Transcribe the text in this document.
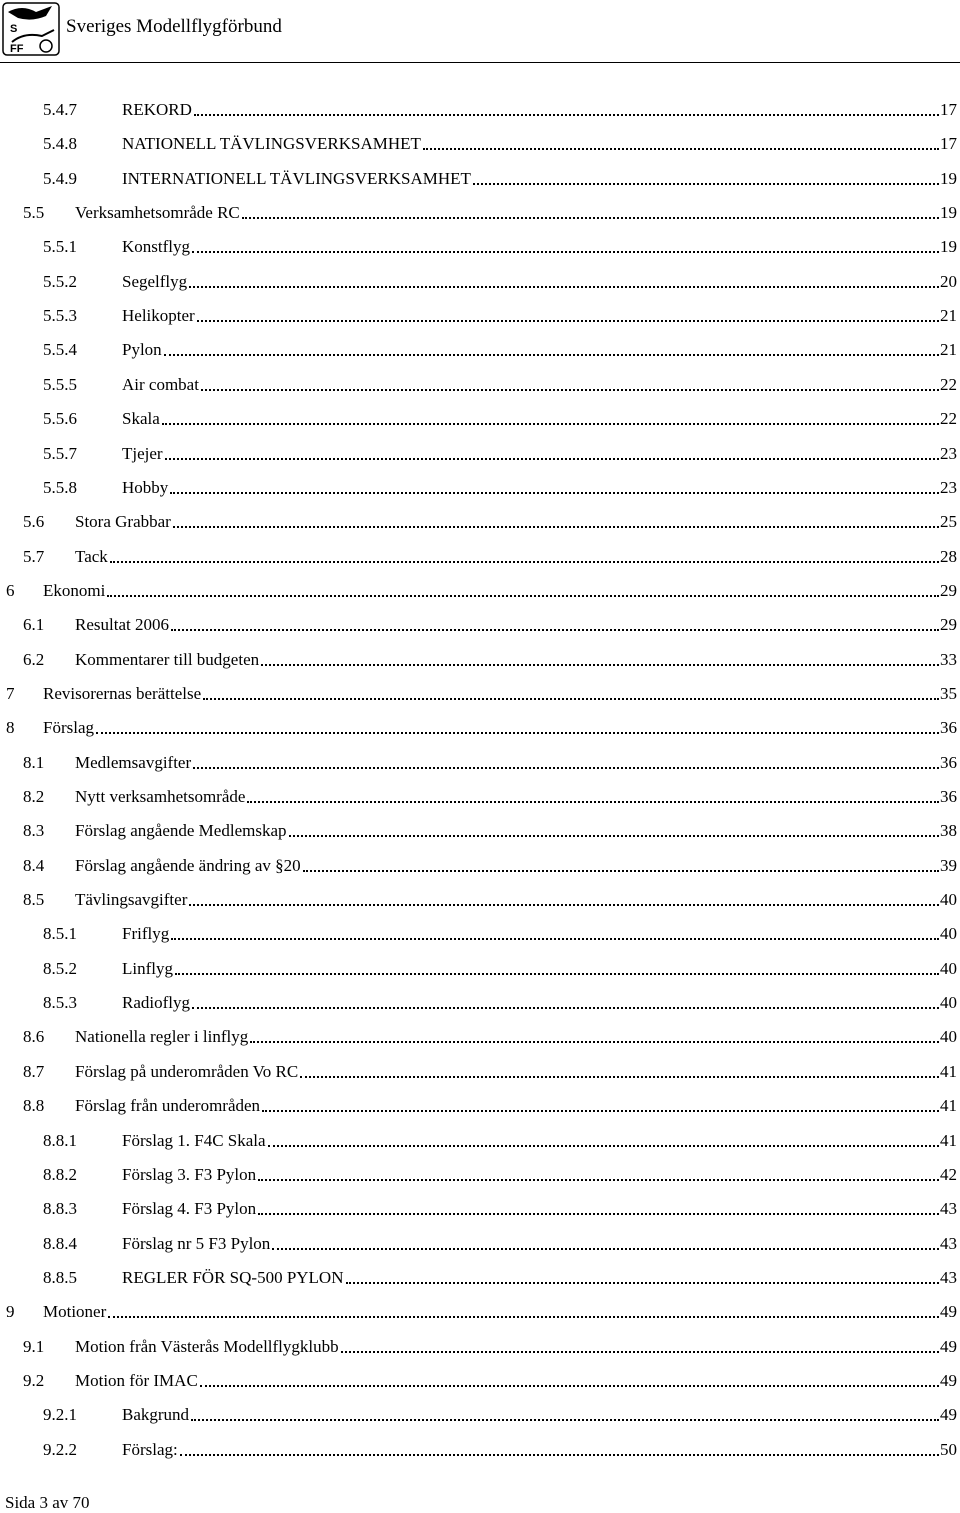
S
FF
Sveriges Modellflygförbund
5.4.7	REKORD	17
5.4.8	NATIONELL TÄVLINGSVERKSAMHET	17
5.4.9	INTERNATIONELL TÄVLINGSVERKSAMHET	19
5.5 Verksamhetsområde RC	19
5.5.1	Konstflyg	19
5.5.2	Segelflyg	20
5.5.3	Helikopter	21
5.5.4	Pylon	21
5.5.5	Air combat	22
5.5.6	Skala	22
5.5.7	Tjejer	23
5.5.8	Hobby	23
5.6 Stora Grabbar	25
5.7 Tack	28
6 Ekonomi	29
6.1 Resultat 2006	29
6.2 Kommentarer till budgeten	33
7 Revisorernas berättelse	35
8 Förslag	36
8.1 Medlemsavgifter	36
8.2 Nytt verksamhetsområde	36
8.3 Förslag angående Medlemskap	38
8.4 Förslag angående ändring av §20	39
8.5 Tävlingsavgifter	40
8.5.1	Friflyg	40
8.5.2	Linflyg	40
8.5.3	Radioflyg	40
8.6 Nationella regler i linflyg	40
8.7 Förslag på underområden Vo RC	41
8.8 Förslag från underområden	41
8.8.1	Förslag 1. F4C Skala	41
8.8.2	Förslag 3. F3 Pylon	42
8.8.3	Förslag 4. F3 Pylon	43
8.8.4	Förslag nr 5 F3 Pylon	43
8.8.5	REGLER FÖR SQ-500 PYLON	43
9 Motioner	49
9.1 Motion från Västerås Modellflygklubb	49
9.2 Motion för IMAC	49
9.2.1	Bakgrund	49
9.2.2	Förslag:	50
Sida 3 av 70
